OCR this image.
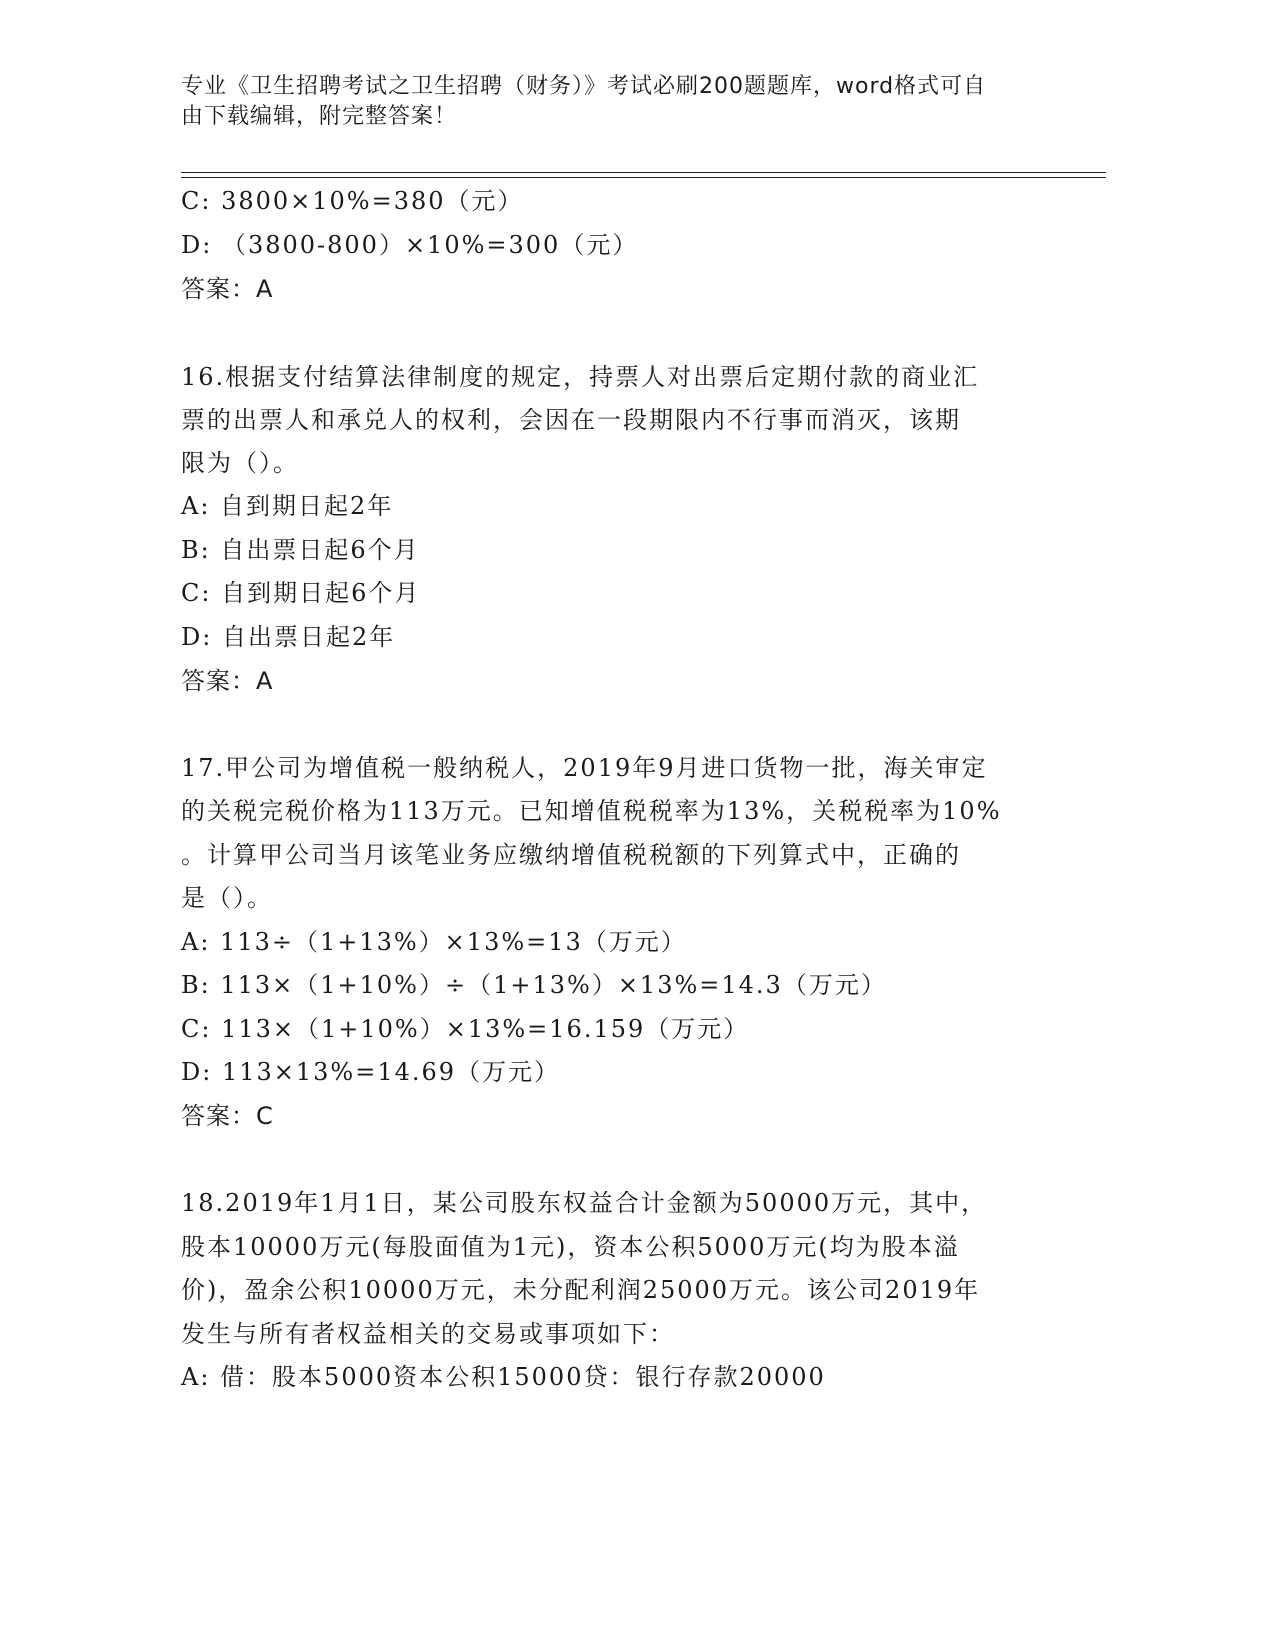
专业《卫生招聘考试之卫生招聘（财务）》考试必刷200题题库，word格式可自
由下载编辑，附完整答案！
C: 3800×10%=380（元）
D: （3800-800）×10%=300（元）
答案：A
16.根据支付结算法律制度的规定，持票人对出票后定期付款的商业汇
票的出票人和承兑人的权利，会因在一段期限内不行事而消灭，该期
限为（）。
A: 自到期日起2年
B: 自出票日起6个月
C: 自到期日起6个月
D: 自出票日起2年
答案：A
17.甲公司为增值税一般纳税人，2019年9月进口货物一批，海关审定
的关税完税价格为113万元。已知增值税税率为13%，关税税率为10%
。计算甲公司当月该笔业务应缴纳增值税税额的下列算式中，正确的
是（）。
A: 113÷（1+13%）×13%=13（万元）
B: 113×（1+10%）÷（1+13%）×13%=14.3（万元）
C: 113×（1+10%）×13%=16.159（万元）
D: 113×13%=14.69（万元）
答案：C
18.2019年1月1日，某公司股东权益合计金额为50000万元，其中，
股本10000万元(每股面值为1元)，资本公积5000万元(均为股本溢
价)，盈余公积10000万元，未分配利润25000万元。该公司2019年
发生与所有者权益相关的交易或事项如下：
A: 借：股本5000资本公积15000贷：银行存款20000
